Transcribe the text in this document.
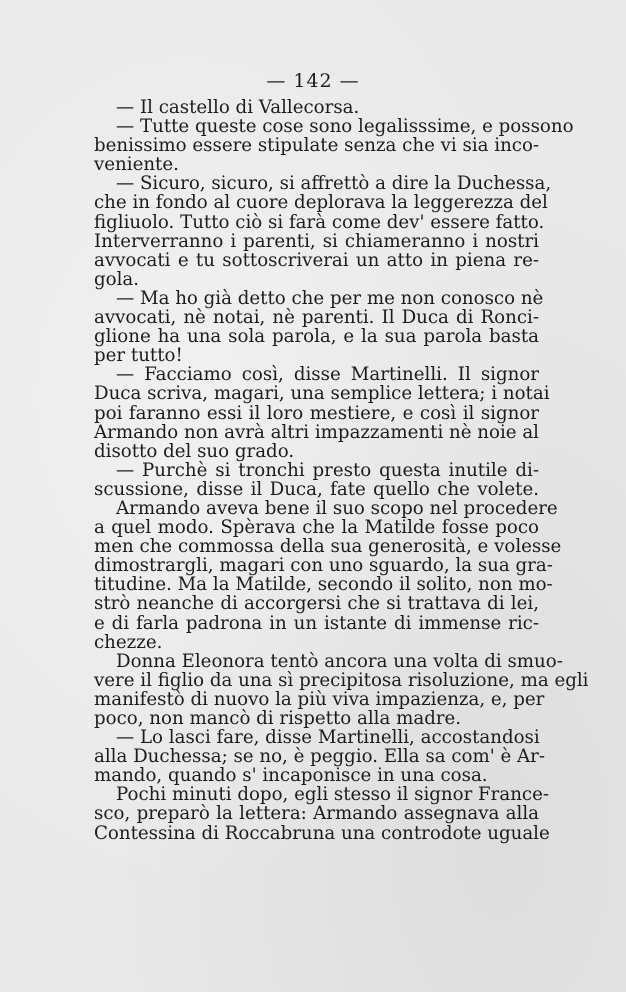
— 142 —
— Il castello di Vallecorsa.
— Tutte queste cose sono legalisssime, e possono
benissimo essere stipulate senza che vi sia inco-
veniente.
— Sicuro, sicuro, si affrettò a dire la Duchessa,
che in fondo al cuore deplorava la leggerezza del
figliuolo. Tutto ciò si farà come dev' essere fatto.
Interverranno i parenti, si chiameranno i nostri
avvocati e tu sottoscriverai un atto in piena re-
gola.
— Ma ho già detto che per me non conosco nè
avvocati, nè notai, nè parenti. Il Duca di Ronci-
glione ha una sola parola, e la sua parola basta
per tutto!
— Facciamo così, disse Martinelli. Il signor
Duca scriva, magari, una semplice lettera; i notai
poi faranno essi il loro mestiere, e così il signor
Armando non avrà altri impazzamenti nè noie al
disotto del suo grado.
— Purchè si tronchi presto questa inutile di-
scussione, disse il Duca, fate quello che volete.
Armando aveva bene il suo scopo nel procedere
a quel modo. Spèrava che la Matilde fosse poco
men che commossa della sua generosità, e volesse
dimostrargli, magari con uno sguardo, la sua gra-
titudine. Ma la Matilde, secondo il solito, non mo-
strò neanche di accorgersi che si trattava di lei,
e di farla padrona in un istante di immense ric-
chezze.
Donna Eleonora tentò ancora una volta di smuo-
vere il figlio da una sì precipitosa risoluzione, ma egli
manifestò di nuovo la più viva impazienza, e, per
poco, non mancò di rispetto alla madre.
— Lo lasci fare, disse Martinelli, accostandosi
alla Duchessa; se no, è peggio. Ella sa com' è Ar-
mando, quando s' incaponisce in una cosa.
Pochi minuti dopo, egli stesso il signor France-
sco, preparò la lettera: Armando assegnava alla
Contessina di Roccabruna una controdote uguale
